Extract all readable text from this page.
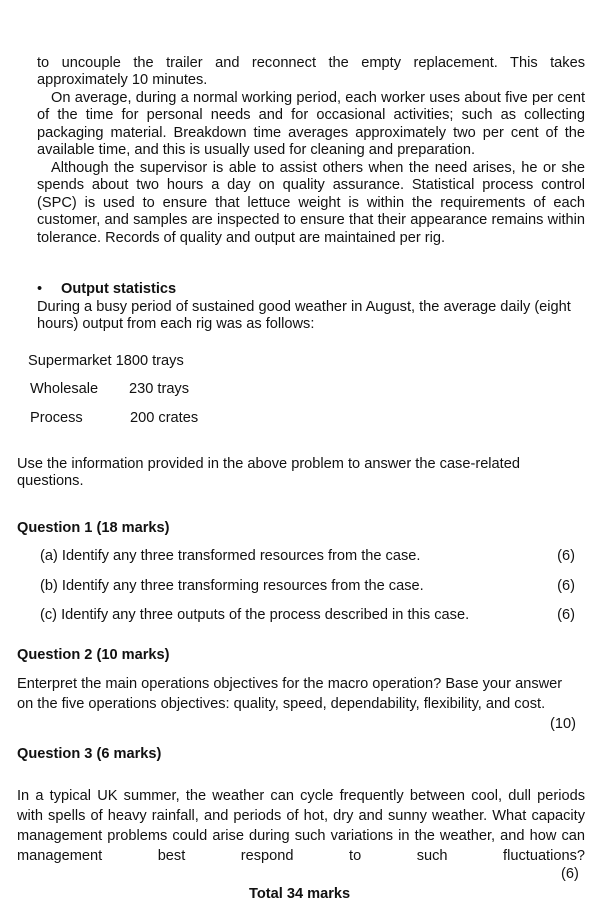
to uncouple the trailer and reconnect the empty replacement. This takes approximately 10 minutes.
On average, during a normal working period, each worker uses about five per cent of the time for personal needs and for occasional activities; such as collecting packaging material. Breakdown time averages approximately two per cent of the available time, and this is usually used for cleaning and preparation.
Although the supervisor is able to assist others when the need arises, he or she spends about two hours a day on quality assurance. Statistical process control (SPC) is used to ensure that lettuce weight is within the requirements of each customer, and samples are inspected to ensure that their appearance remains within tolerance. Records of quality and output are maintained per rig.
• Output statistics
During a busy period of sustained good weather in August, the average daily (eight hours) output from each rig was as follows:
Supermarket 1800 trays
Wholesale 230 trays
Process	200 crates
Use the information provided in the above problem to answer the case-related questions.
Question 1 (18 marks)
(a) Identify any three transformed resources from the case.	(6)
(b) Identify any three transforming resources from the case.	(6)
(c) Identify any three outputs of the process described in this case.	(6)
Question 2 (10 marks)
Enterpret the main operations objectives for the macro operation? Base your answer
on the five operations objectives: quality, speed, dependability, flexibility, and cost.
(10)
Question 3 (6 marks)
In a typical UK summer, the weather can cycle frequently between cool, dull periods with spells of heavy rainfall, and periods of hot, dry and sunny weather. What capacity management problems could arise during such variations in the weather, and how can management best respond to such fluctuations?
(6)
Total 34 marks
